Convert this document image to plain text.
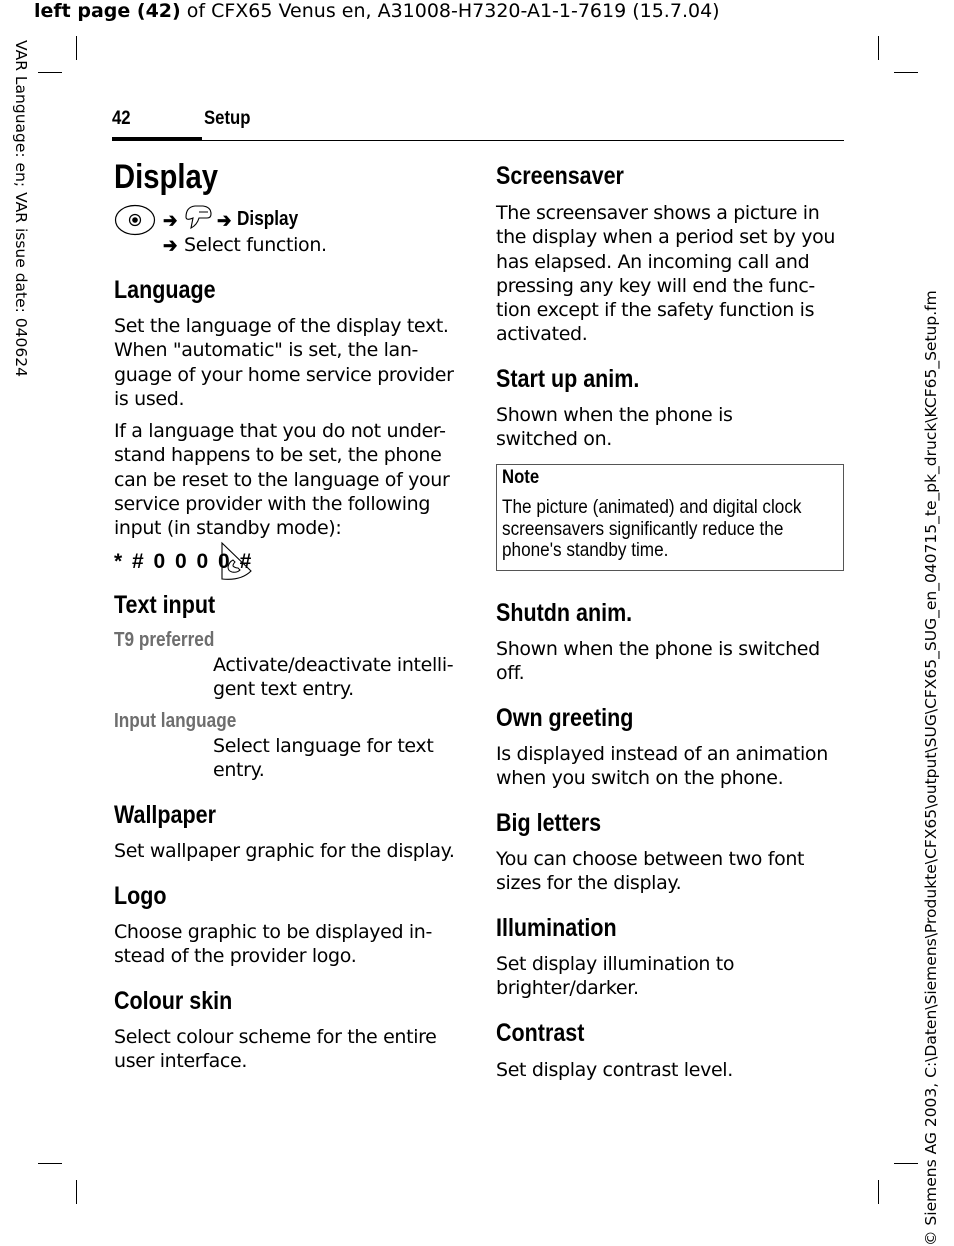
left page (42) of CFX65 Venus en, A31008-H7320-A1-1-7619 (15.7.04)
VAR Language: en; VAR issue date: 040624
© Siemens AG 2003, C:\Daten\Siemens\Produkte\CFX65\output\SUG\CFX65_SUG_en_040715_te_pk_druck\KCF65_Setup.fm
42	Setup
Display
➔ ➔ Display
➔ Select function.
Language
Set the language of the display text.
When "automatic" is set, the lan-
guage of your home service provider
is used.
If a language that you do not under-
stand happens to be set, the phone
can be reset to the language of your
service provider with the following
input (in standby mode):
* # 0 0 0 0 #
Text input
T9 preferred
Activate/deactivate intelli-
gent text entry.
Input language
Select language for text
entry.
Wallpaper
Set wallpaper graphic for the display.
Logo
Choose graphic to be displayed in-
stead of the provider logo.
Colour skin
Select colour scheme for the entire
user interface.
Screensaver
The screensaver shows a picture in
the display when a period set by you
has elapsed. An incoming call and
pressing any key will end the func-
tion except if the safety function is
activated.
Start up anim.
Shown when the phone is
switched on.
Note
The picture (animated) and digital clock
screensavers significantly reduce the
phone's standby time.
Shutdn anim.
Shown when the phone is switched
off.
Own greeting
Is displayed instead of an animation
when you switch on the phone.
Big letters
You can choose between two font
sizes for the display.
Illumination
Set display illumination to
brighter/darker.
Contrast
Set display contrast level.
